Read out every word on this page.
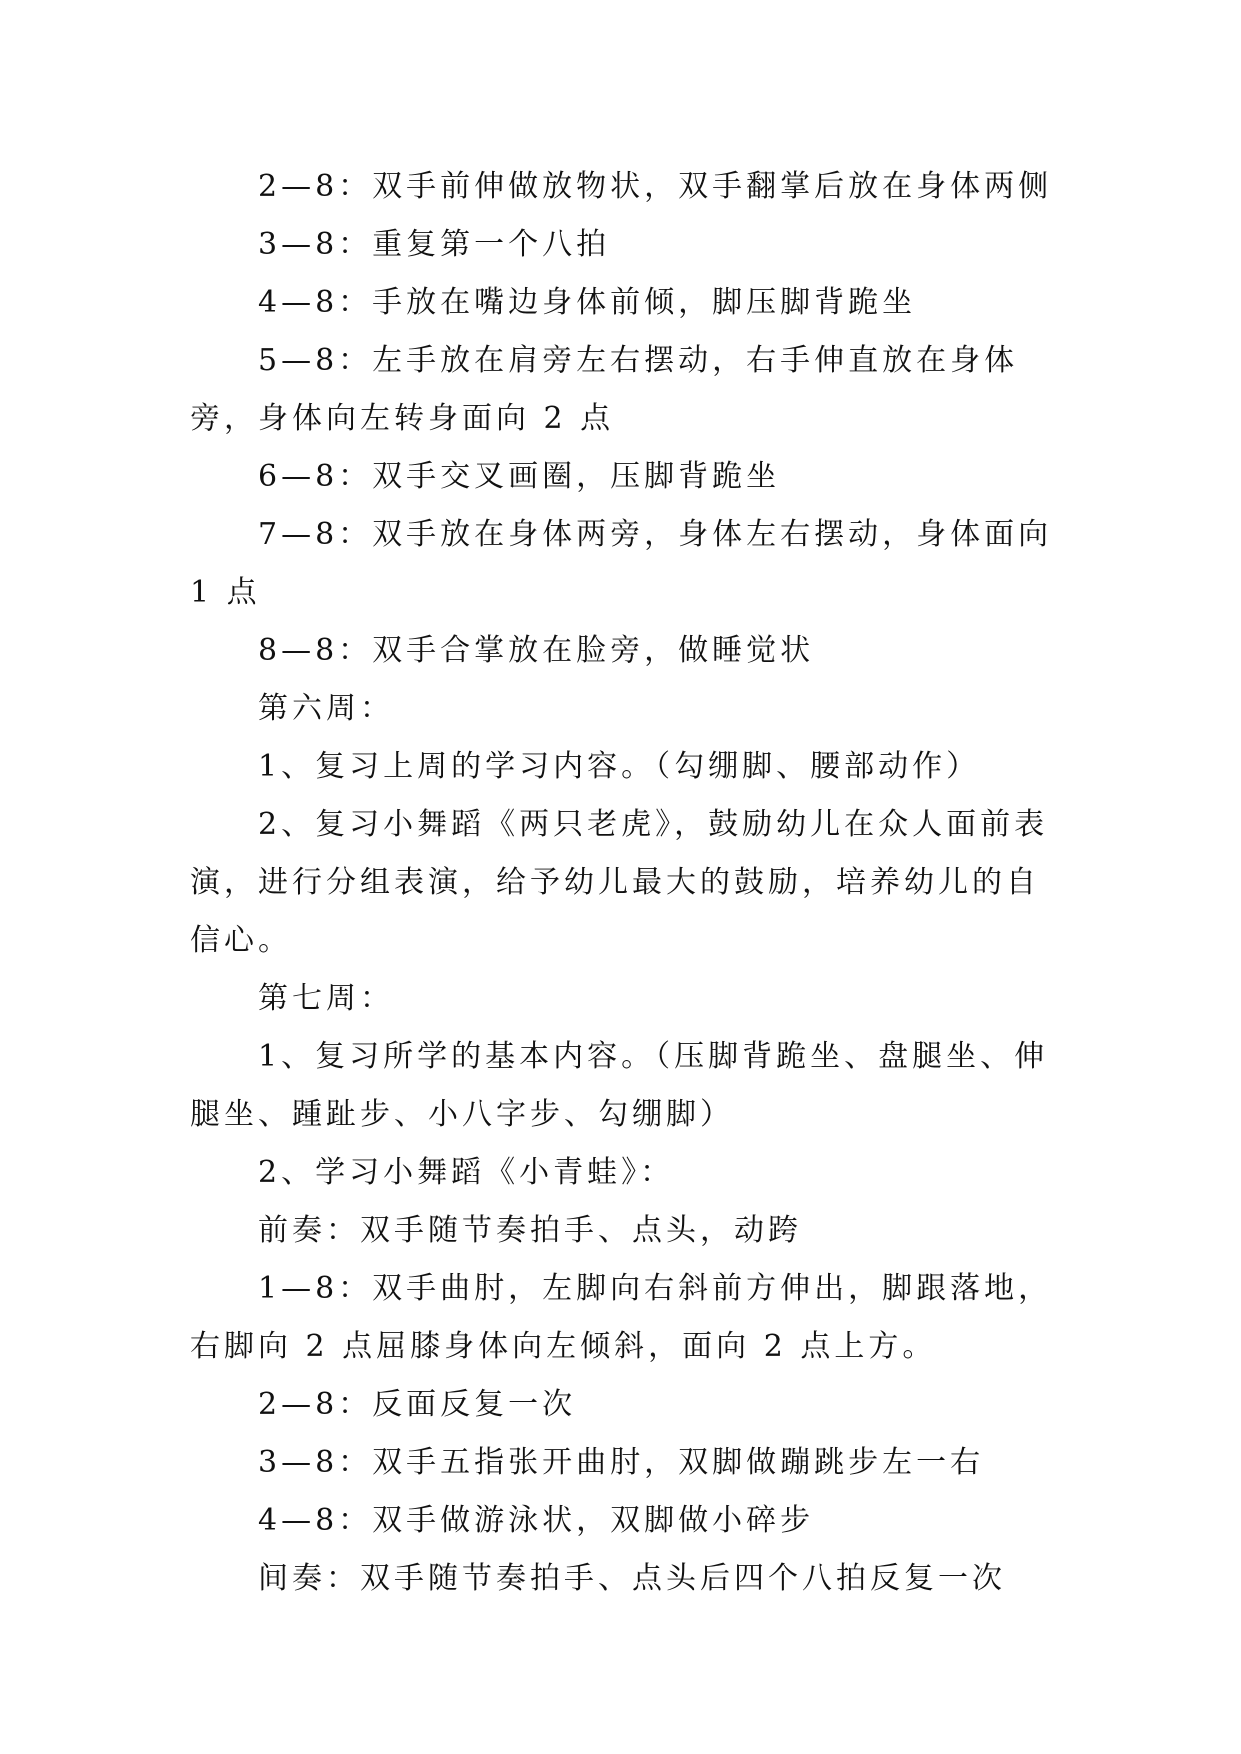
2—8：双手前伸做放物状，双手翻掌后放在身体两侧

3—8：重复第一个八拍

4—8：手放在嘴边身体前倾，脚压脚背跪坐

5—8：左手放在肩旁左右摆动，右手伸直放在身体旁，身体向左转身面向 2 点

6—8：双手交叉画圈，压脚背跪坐

7—8：双手放在身体两旁，身体左右摆动，身体面向 1 点

8—8：双手合掌放在脸旁，做睡觉状

第六周：

1、复习上周的学习内容。（勾绷脚、腰部动作）

2、复习小舞蹈《两只老虎》，鼓励幼儿在众人面前表演，进行分组表演，给予幼儿最大的鼓励，培养幼儿的自信心。

第七周：

1、复习所学的基本内容。（压脚背跪坐、盘腿坐、伸腿坐、踵趾步、小八字步、勾绷脚）

2、学习小舞蹈《小青蛙》：

前奏：双手随节奏拍手、点头，动跨

1—8：双手曲肘，左脚向右斜前方伸出，脚跟落地，右脚向 2 点屈膝身体向左倾斜，面向 2 点上方。

2—8：反面反复一次

3—8：双手五指张开曲肘，双脚做蹦跳步左一右

4—8：双手做游泳状，双脚做小碎步

间奏：双手随节奏拍手、点头后四个八拍反复一次
